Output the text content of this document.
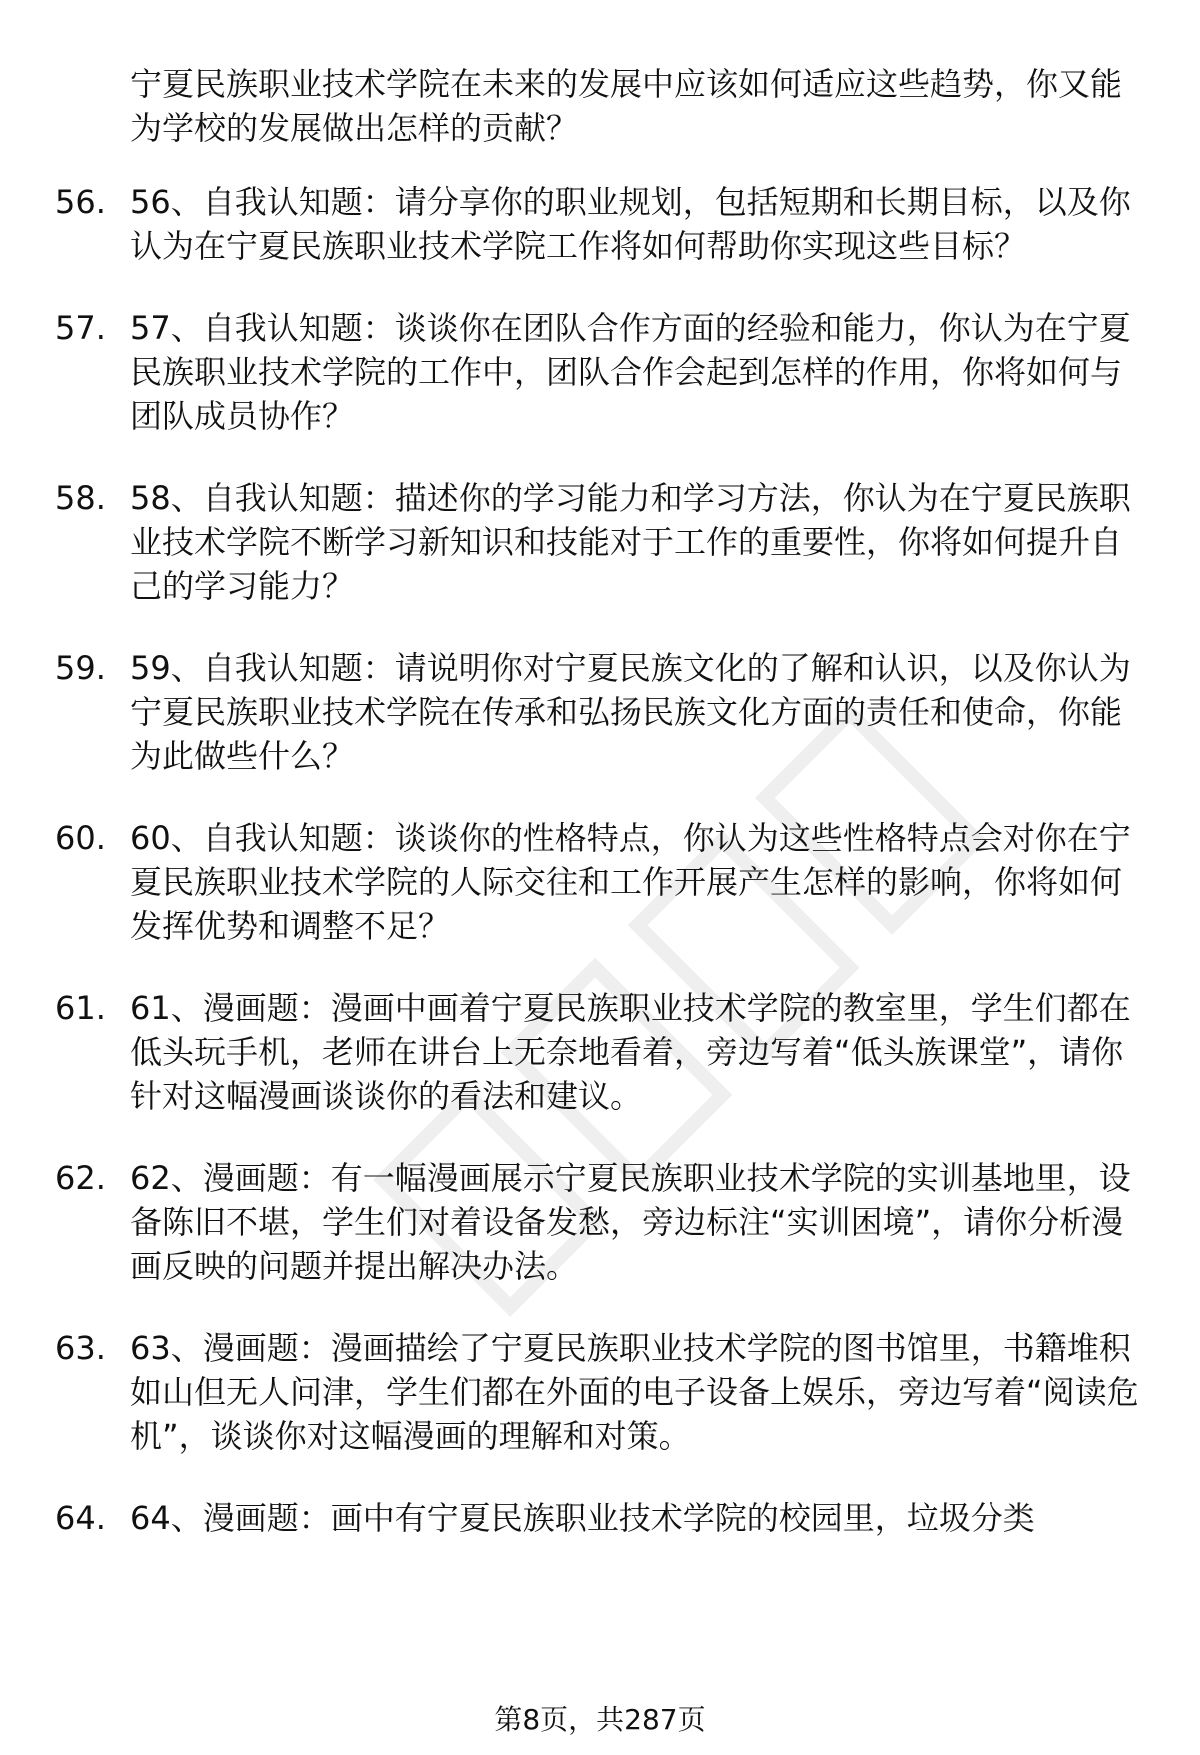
宁夏民族职业技术学院在未来的发展中应该如何适应这些趋势，你又能为学校的发展做出怎样的贡献？

56. 56、自我认知题：请分享你的职业规划，包括短期和长期目标，以及你认为在宁夏民族职业技术学院工作将如何帮助你实现这些目标？
57. 57、自我认知题：谈谈你在团队合作方面的经验和能力，你认为在宁夏民族职业技术学院的工作中，团队合作会起到怎样的作用，你将如何与团队成员协作？
58. 58、自我认知题：描述你的学习能力和学习方法，你认为在宁夏民族职业技术学院不断学习新知识和技能对于工作的重要性，你将如何提升自己的学习能力？
59. 59、自我认知题：请说明你对宁夏民族文化的了解和认识，以及你认为宁夏民族职业技术学院在传承和弘扬民族文化方面的责任和使命，你能为此做些什么？
60. 60、自我认知题：谈谈你的性格特点，你认为这些性格特点会对你在宁夏民族职业技术学院的人际交往和工作开展产生怎样的影响，你将如何发挥优势和调整不足？
61. 61、漫画题：漫画中画着宁夏民族职业技术学院的教室里，学生们都在低头玩手机，老师在讲台上无奈地看着，旁边写着“低头族课堂”，请你针对这幅漫画谈谈你的看法和建议。
62. 62、漫画题：有一幅漫画展示宁夏民族职业技术学院的实训基地里，设备陈旧不堪，学生们对着设备发愁，旁边标注“实训困境”，请你分析漫画反映的问题并提出解决办法。
63. 63、漫画题：漫画描绘了宁夏民族职业技术学院的图书馆里，书籍堆积如山但无人问津，学生们都在外面的电子设备上娱乐，旁边写着“阅读危机”，谈谈你对这幅漫画的理解和对策。
64. 64、漫画题：画中有宁夏民族职业技术学院的校园里，垃圾分类
第8页，共287页
